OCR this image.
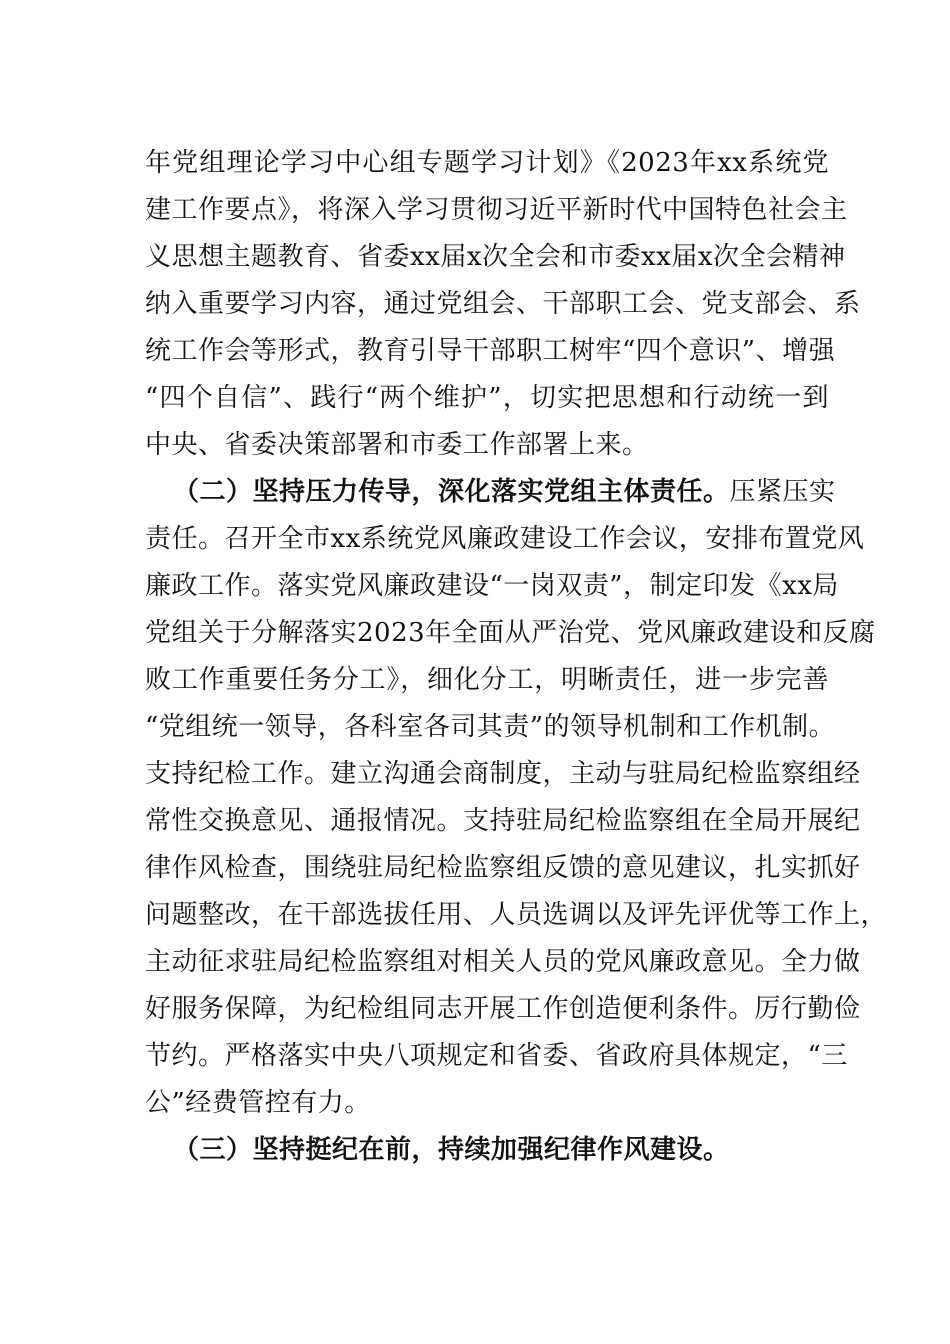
年党组理论学习中心组专题学习计划》《2023年xx系统党
建工作要点》，将深入学习贯彻习近平新时代中国特色社会主
义思想主题教育、省委xx届x次全会和市委xx届x次全会精神
纳入重要学习内容，通过党组会、干部职工会、党支部会、系
统工作会等形式，教育引导干部职工树牢“四个意识”、增强
“四个自信”、践行“两个维护”，切实把思想和行动统一到
中央、省委决策部署和市委工作部署上来。
（二）坚持压力传导，深化落实党组主体责任。压紧压实
责任。召开全市xx系统党风廉政建设工作会议，安排布置党风
廉政工作。落实党风廉政建设“一岗双责”，制定印发《xx局
党组关于分解落实2023年全面从严治党、党风廉政建设和反腐
败工作重要任务分工》，细化分工，明晰责任，进一步完善
“党组统一领导，各科室各司其责”的领导机制和工作机制。
支持纪检工作。建立沟通会商制度，主动与驻局纪检监察组经
常性交换意见、通报情况。支持驻局纪检监察组在全局开展纪
律作风检查，围绕驻局纪检监察组反馈的意见建议，扎实抓好
问题整改，在干部选拔任用、人员选调以及评先评优等工作上，
主动征求驻局纪检监察组对相关人员的党风廉政意见。全力做
好服务保障，为纪检组同志开展工作创造便利条件。厉行勤俭
节约。严格落实中央八项规定和省委、省政府具体规定，“三
公”经费管控有力。
（三）坚持挺纪在前，持续加强纪律作风建设。
